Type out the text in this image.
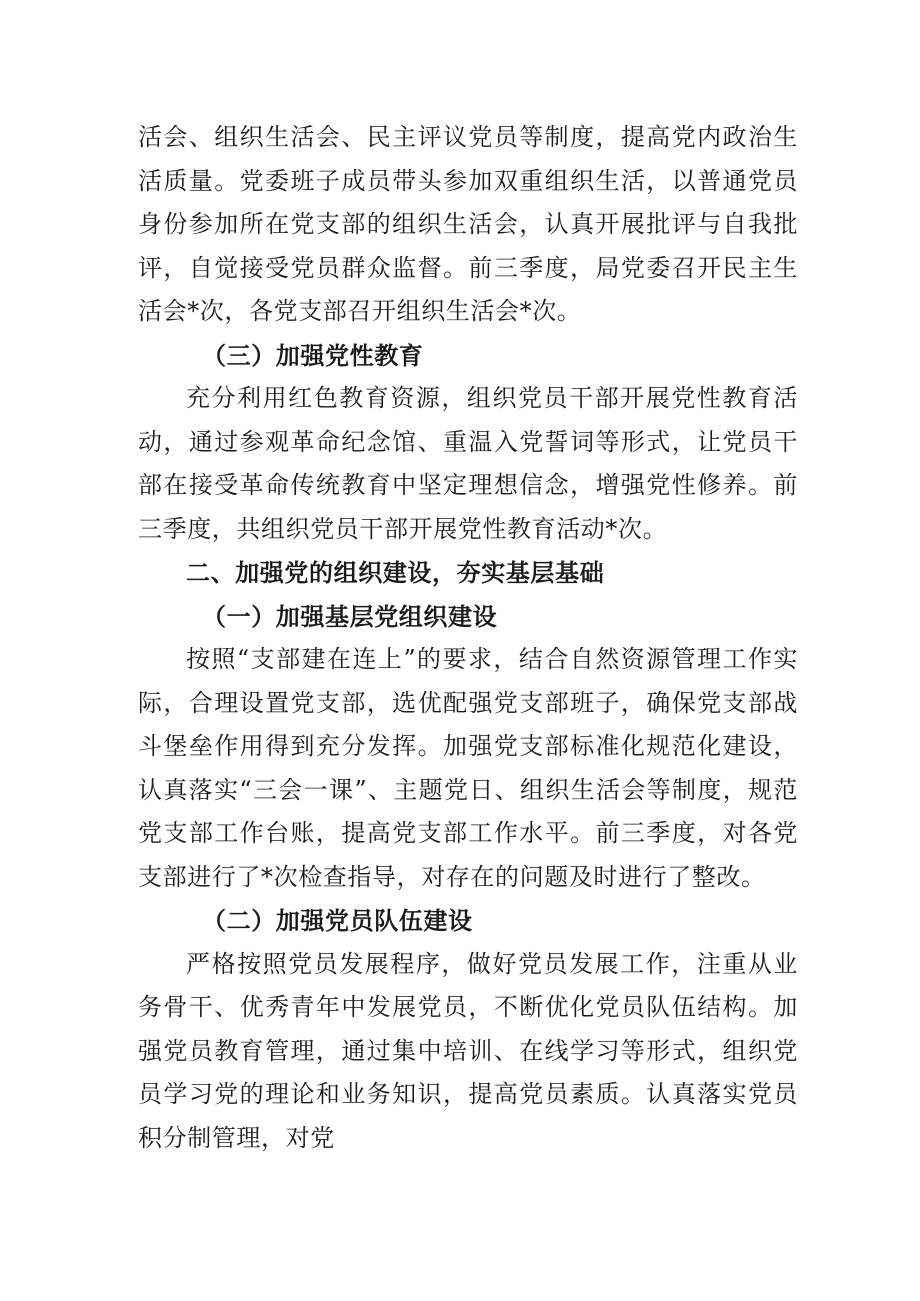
活会、组织生活会、民主评议党员等制度，提高党内政治生活质量。党委班子成员带头参加双重组织生活，以普通党员身份参加所在党支部的组织生活会，认真开展批评与自我批评，自觉接受党员群众监督。前三季度，局党委召开民主生活会*次，各党支部召开组织生活会*次。

（三）加强党性教育

充分利用红色教育资源，组织党员干部开展党性教育活动，通过参观革命纪念馆、重温入党誓词等形式，让党员干部在接受革命传统教育中坚定理想信念，增强党性修养。前三季度，共组织党员干部开展党性教育活动*次。

二、加强党的组织建设，夯实基层基础

（一）加强基层党组织建设

按照“支部建在连上”的要求，结合自然资源管理工作实际，合理设置党支部，选优配强党支部班子，确保党支部战斗堡垒作用得到充分发挥。加强党支部标准化规范化建设，认真落实“三会一课”、主题党日、组织生活会等制度，规范党支部工作台账，提高党支部工作水平。前三季度，对各党支部进行了*次检查指导，对存在的问题及时进行了整改。

（二）加强党员队伍建设

严格按照党员发展程序，做好党员发展工作，注重从业务骨干、优秀青年中发展党员，不断优化党员队伍结构。加强党员教育管理，通过集中培训、在线学习等形式，组织党员学习党的理论和业务知识，提高党员素质。认真落实党员积分制管理，对党
